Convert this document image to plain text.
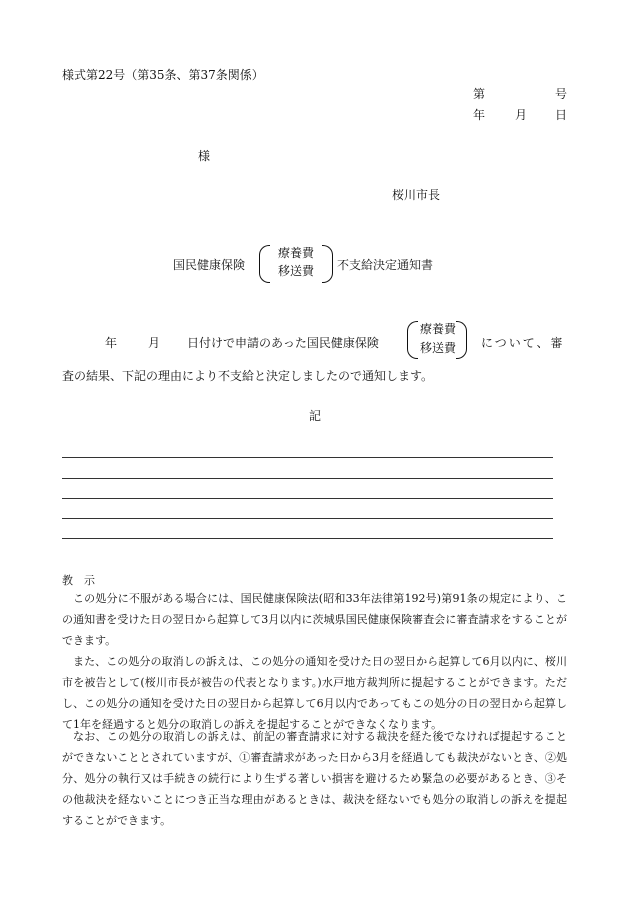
様式第22号（第35条、第37条関係）
第	号
年 月 日
様
桜川市長
国民健康保険
療養費
移送費	不支給決定通知書
年	月 日付けで申請のあった国民健康保険
療養費
移送費	について、審
査の結果、下記の理由により不支給と決定しましたので通知します。
記
教　示
この処分に不服がある場合には、国民健康保険法(昭和33年法律第192号)第91条の規定により、この通知書を受けた日の翌日から起算して3月以内に茨城県国民健康保険審査会に審査請求をすることができます。
また、この処分の取消しの訴えは、この処分の通知を受けた日の翌日から起算して6月以内に、桜川市を被告として(桜川市長が被告の代表となります。)水戸地方裁判所に提起することができます。ただし、この処分の通知を受けた日の翌日から起算して6月以内であってもこの処分の日の翌日から起算して1年を経過すると処分の取消しの訴えを提起することができなくなります。
なお、この処分の取消しの訴えは、前記の審査請求に対する裁決を経た後でなければ提起することができないこととされていますが、①審査請求があった日から3月を経過しても裁決がないとき、②処分、処分の執行又は手続きの続行により生ずる著しい損害を避けるため緊急の必要があるとき、③その他裁決を経ないことにつき正当な理由があるときは、裁決を経ないでも処分の取消しの訴えを提起することができます。
